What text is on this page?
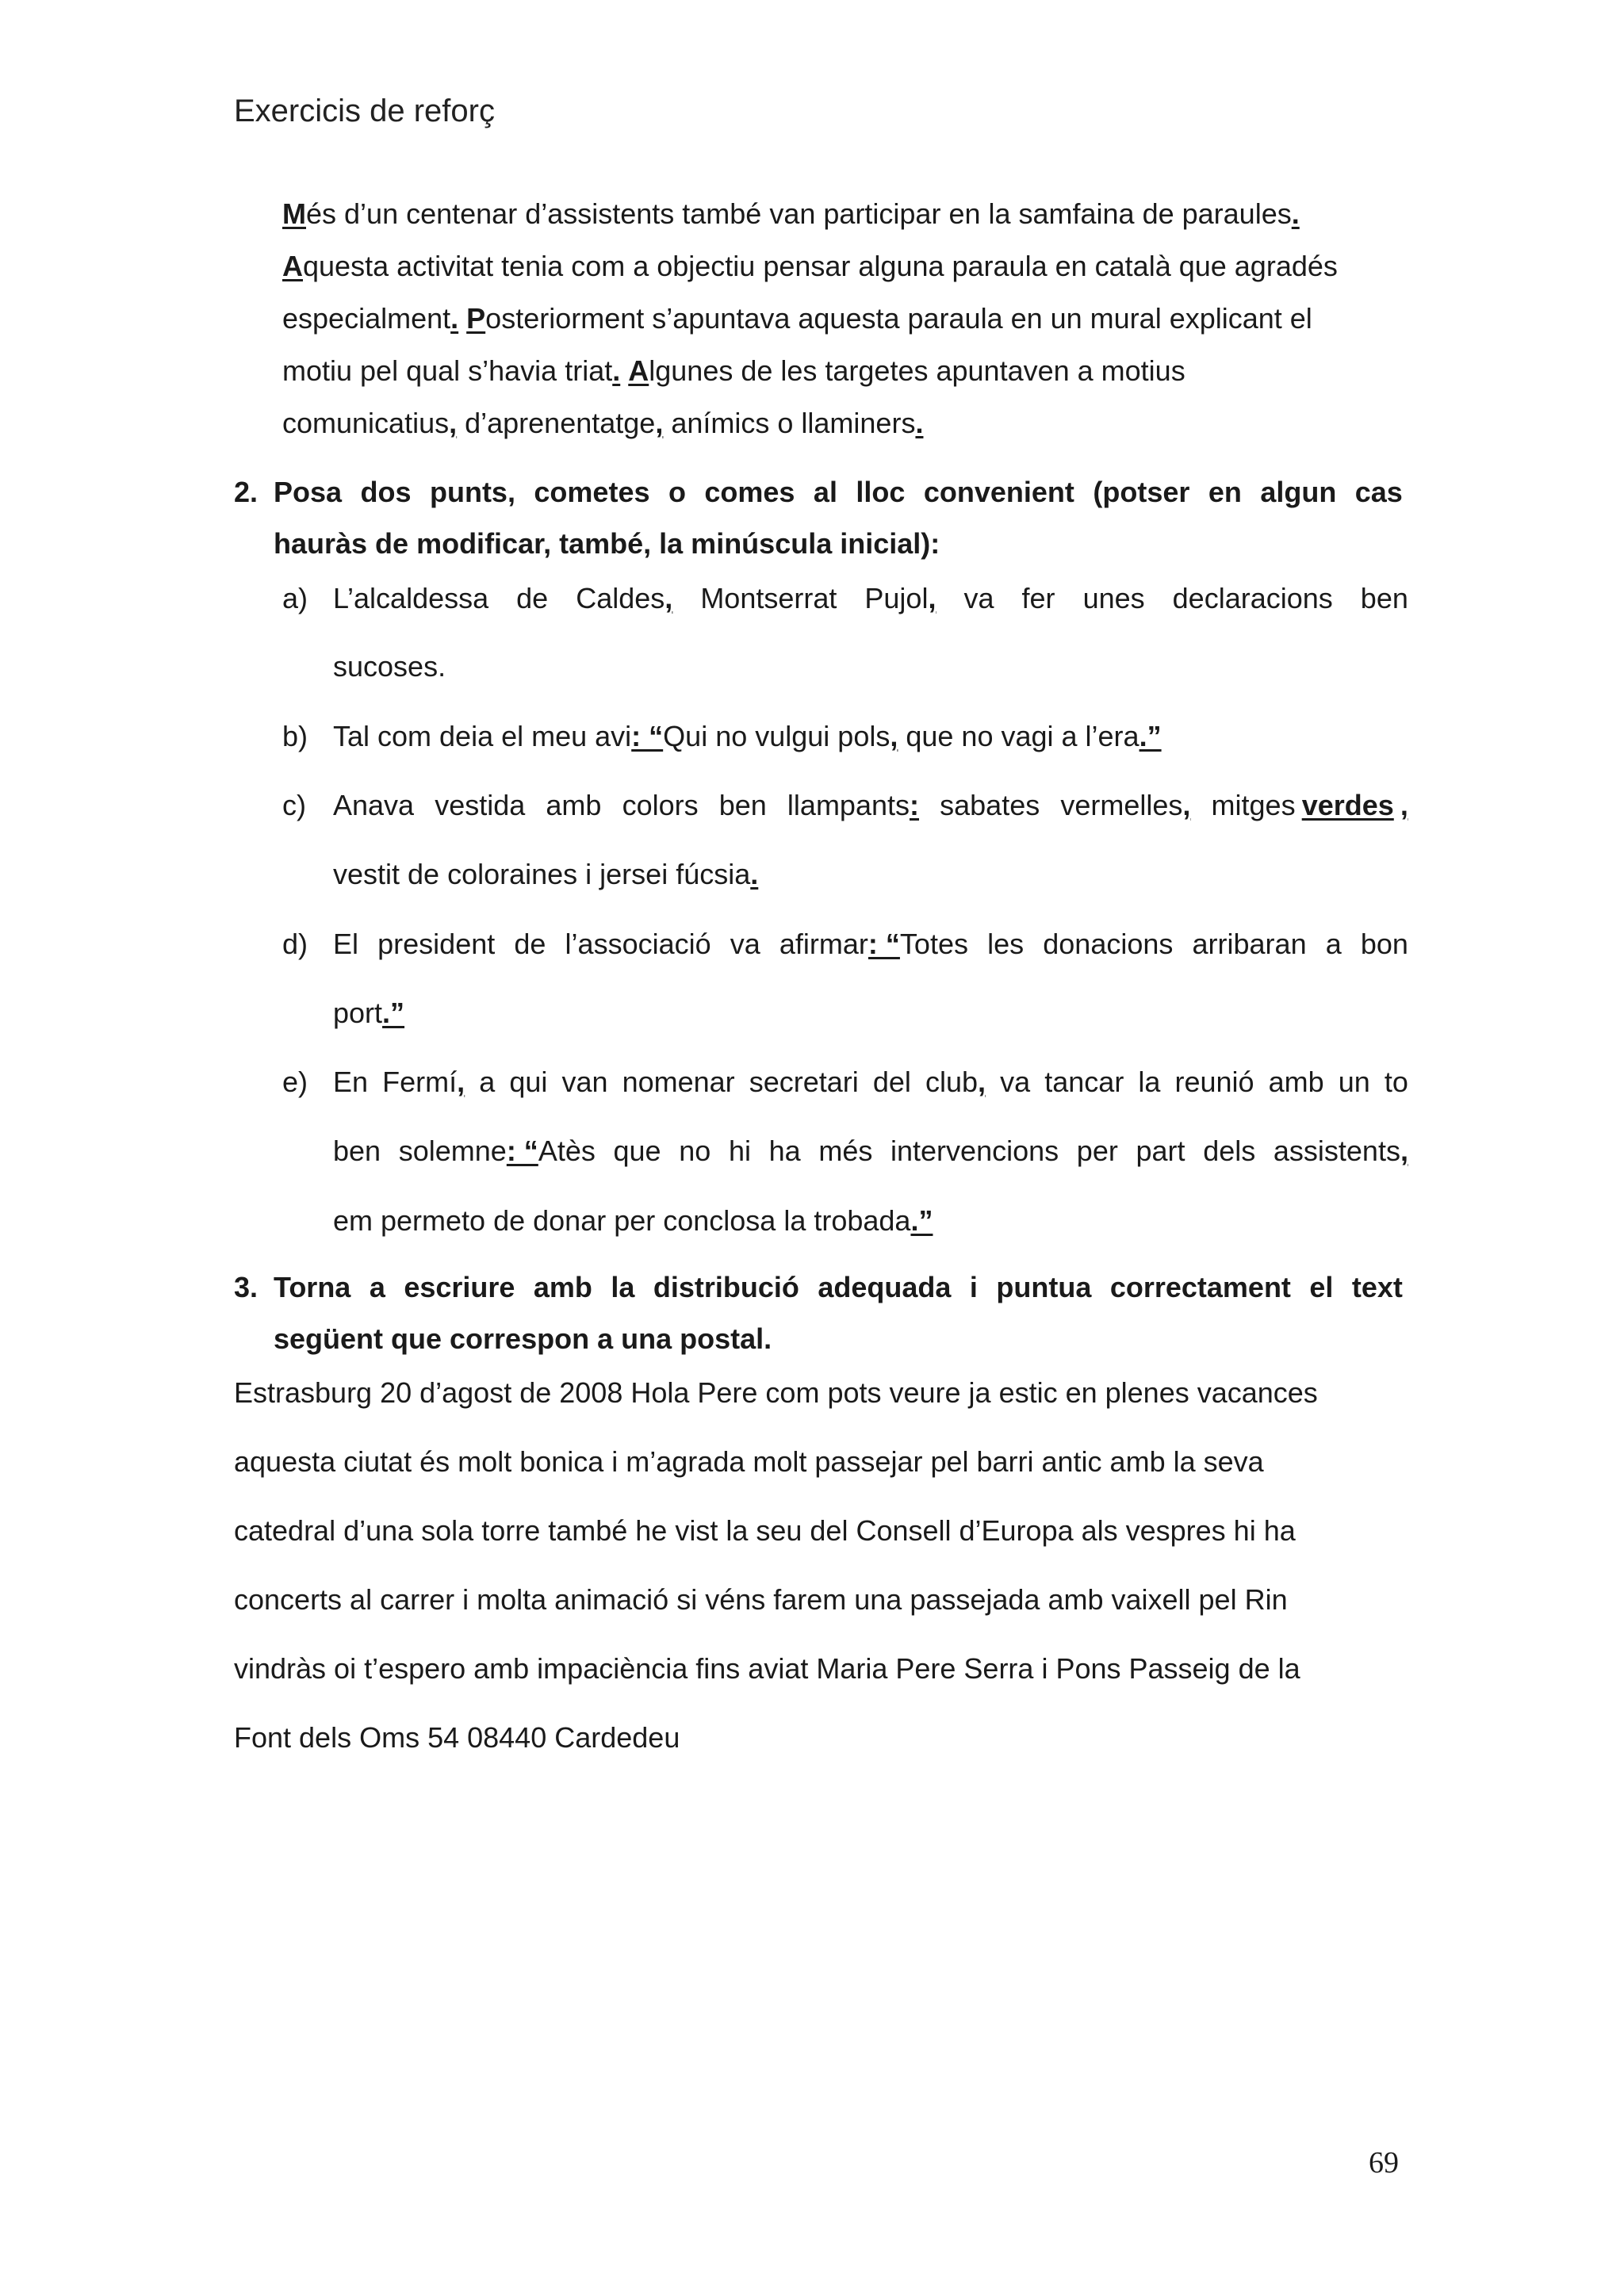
Exercicis de reforç
Més d’un centenar d’assistents també van participar en la samfaina de paraules.
Aquesta activitat tenia com a objectiu pensar alguna paraula en català que agradés
especialment. Posteriorment s’apuntava aquesta paraula en un mural explicant el
motiu pel qual s’havia triat. Algunes de les targetes apuntaven a motius
comunicatius, d’aprenentatge, anímics o llaminers.
2. Posa dos punts, cometes o comes al lloc convenient (potser en algun cas
hauràs de modificar, també, la minúscula inicial):
a) L’alcaldessa de Caldes, Montserrat Pujol, va fer unes declaracions ben
sucoses.
b) Tal com deia el meu avi: “Qui no vulgui pols, que no vagi a l’era.”
c) Anava vestida amb colors ben llampants: sabates vermelles, mitges verdes ,
vestit de coloraines i jersei fúcsia.
d) El president de l’associació va afirmar: “Totes les donacions arribaran a bon
port.”
e) En Fermí, a qui van nomenar secretari del club, va tancar la reunió amb un to
ben solemne: “Atès que no hi ha més intervencions per part dels assistents,
em permeto de donar per conclosa la trobada.”
3. Torna a escriure amb la distribució adequada i puntua correctament el text
següent que correspon a una postal.
Estrasburg 20 d’agost de 2008 Hola Pere com pots veure ja estic en plenes vacances
aquesta ciutat és molt bonica i m’agrada molt passejar pel barri antic amb la seva
catedral d’una sola torre també he vist la seu del Consell d’Europa als vespres hi ha
concerts al carrer i molta animació si véns farem una passejada amb vaixell pel Rin
vindràs oi t’espero amb impaciència fins aviat Maria Pere Serra i Pons Passeig de la
Font dels Oms 54 08440 Cardedeu
69
